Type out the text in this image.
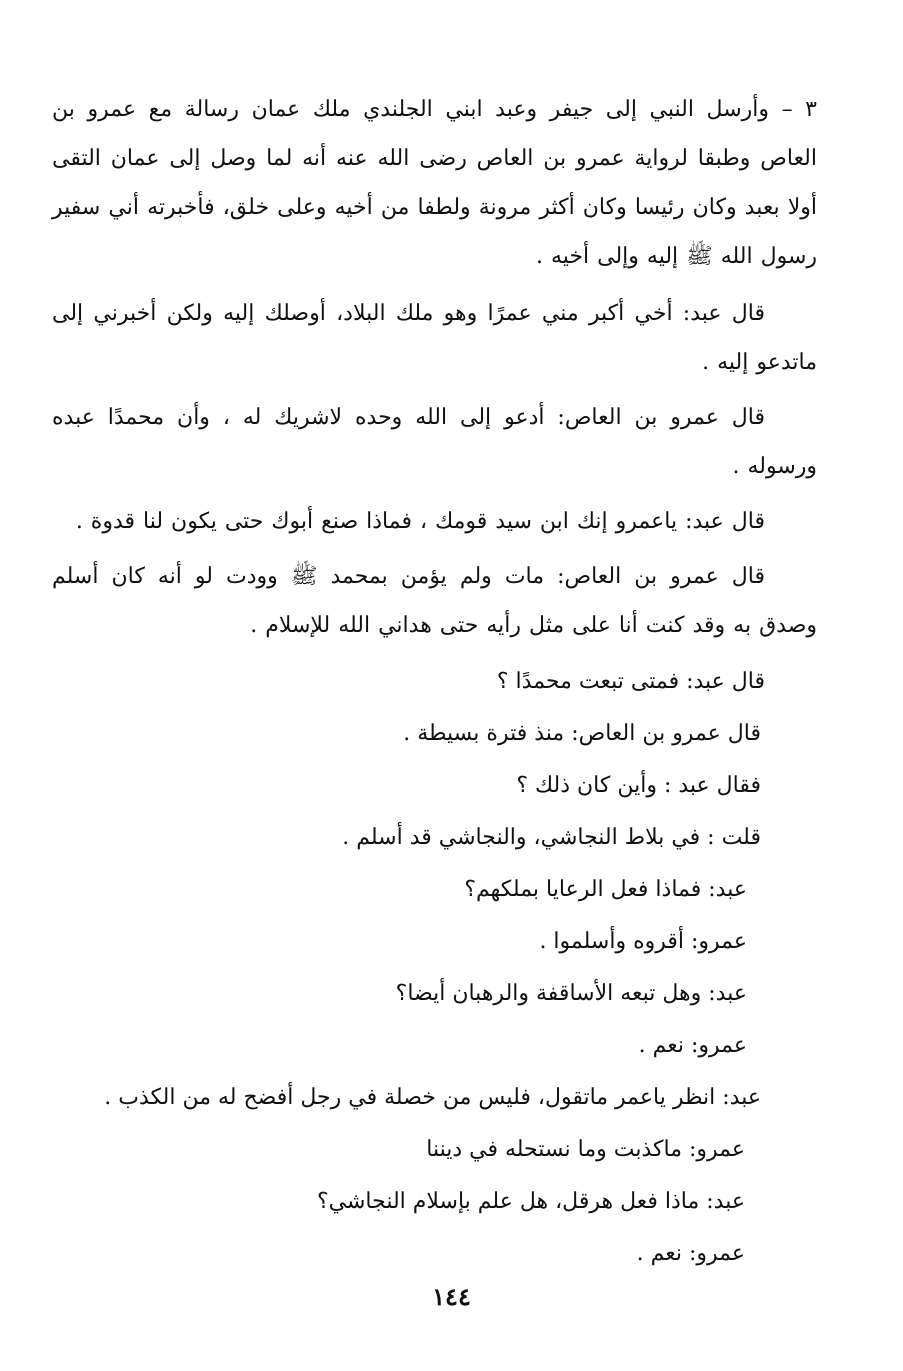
٣ – وأرسل النبي إلى جيفر وعبد ابني الجلندي ملك عمان رسالة مع عمرو بن العاص وطبقا لرواية عمرو بن العاص رضى الله عنه أنه لما وصل إلى عمان التقى أولا بعبد وكان رئيسا وكان أكثر مرونة ولطفا من أخيه وعلى خلق، فأخبرته أني سفير رسول الله ﷺ إليه وإلى أخيه .

قال عبد: أخي أكبر مني عمرًا وهو ملك البلاد، أوصلك إليه ولكن أخبرني إلى ماتدعو إليه .

قال عمرو بن العاص: أدعو إلى الله وحده لاشريك له ، وأن محمدًا عبده ورسوله .

قال عبد: ياعمرو إنك ابن سيد قومك ، فماذا صنع أبوك حتى يكون لنا قدوة .

قال عمرو بن العاص: مات ولم يؤمن بمحمد ﷺ وودت لو أنه كان أسلم وصدق به وقد كنت أنا على مثل رأيه حتى هداني الله للإسلام .

قال عبد: فمتى تبعت محمدًا ؟

قال عمرو بن العاص: منذ فترة بسيطة .

فقال عبد : وأين كان ذلك ؟

قلت : في بلاط النجاشي، والنجاشي قد أسلم .

عبد: فماذا فعل الرعايا بملكهم؟

عمرو: أقروه وأسلموا .

عبد: وهل تبعه الأساقفة والرهبان أيضا؟

عمرو: نعم .

عبد: انظر ياعمر ماتقول، فليس من خصلة في رجل أفضح له من الكذب .

عمرو: ماكذبت وما نستحله في ديننا

عبد: ماذا فعل هرقل، هل علم بإسلام النجاشي؟

عمرو: نعم .

١٤٤
